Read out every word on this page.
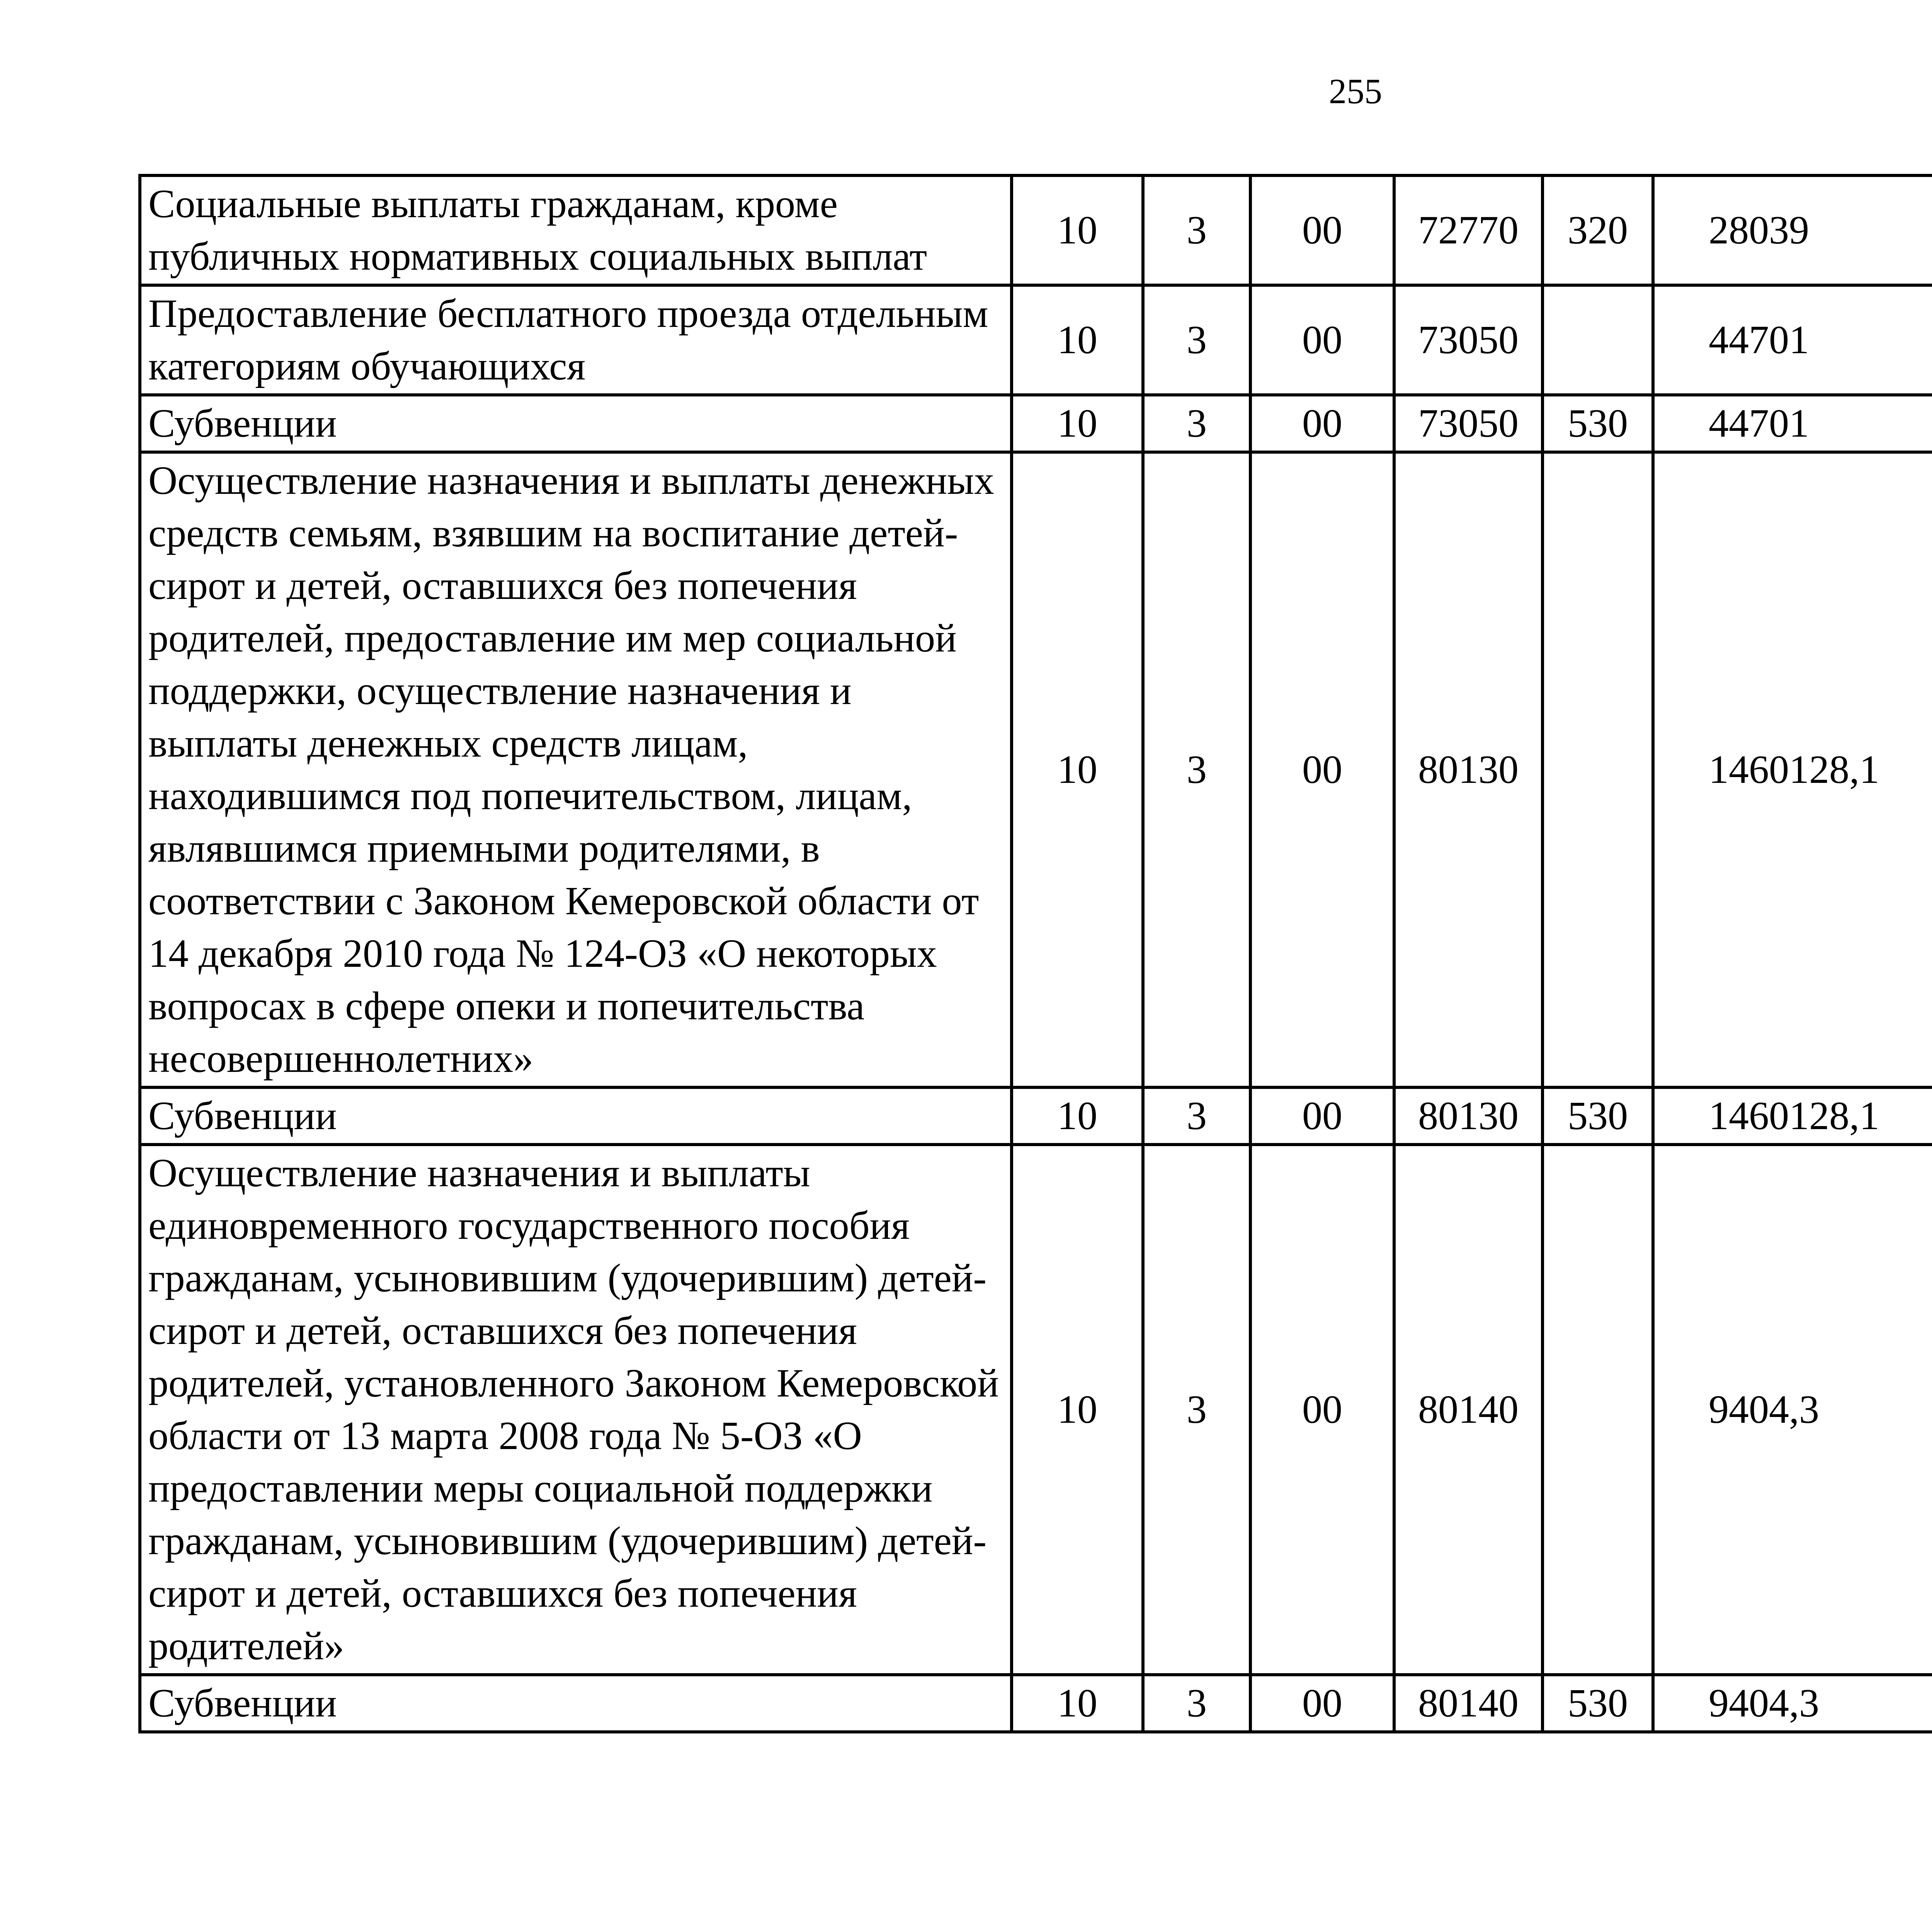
255
Социальные выплаты гражданам, кроме публичных нормативных социальных выплат	10	3	00	72770	320	28039		
Предоставление бесплатного проезда отдельным категориям обучающихся	10	3	00	73050		44701		
Субвенции	10	3	00	73050	530	44701		
Осуществление назначения и выплаты денежных средств семьям, взявшим на воспитание детей-сирот и детей, оставшихся без попечения родителей, предоставление им мер социальной поддержки, осуществление назначения и выплаты денежных средств лицам, находившимся под попечительством, лицам, являвшимся приемными родителями, в соответствии с Законом Кемеровской области от 14 декабря 2010 года № 124-ОЗ «О некоторых вопросах в сфере опеки и попечительства несовершеннолетних»	10	3	00	80130		1460128,1		
Субвенции	10	3	00	80130	530	1460128,1		
Осуществление назначения и выплаты единовременного государственного пособия гражданам, усыновившим (удочерившим) детей-сирот и детей, оставшихся без попечения родителей, установленного Законом Кемеровской области от 13 марта 2008 года № 5-ОЗ «О предоставлении меры социальной поддержки гражданам, усыновившим (удочерившим) детей-сирот и детей, оставшихся без попечения родителей»	10	3	00	80140		9404,3		
Субвенции	10	3	00	80140	530	9404,3		
